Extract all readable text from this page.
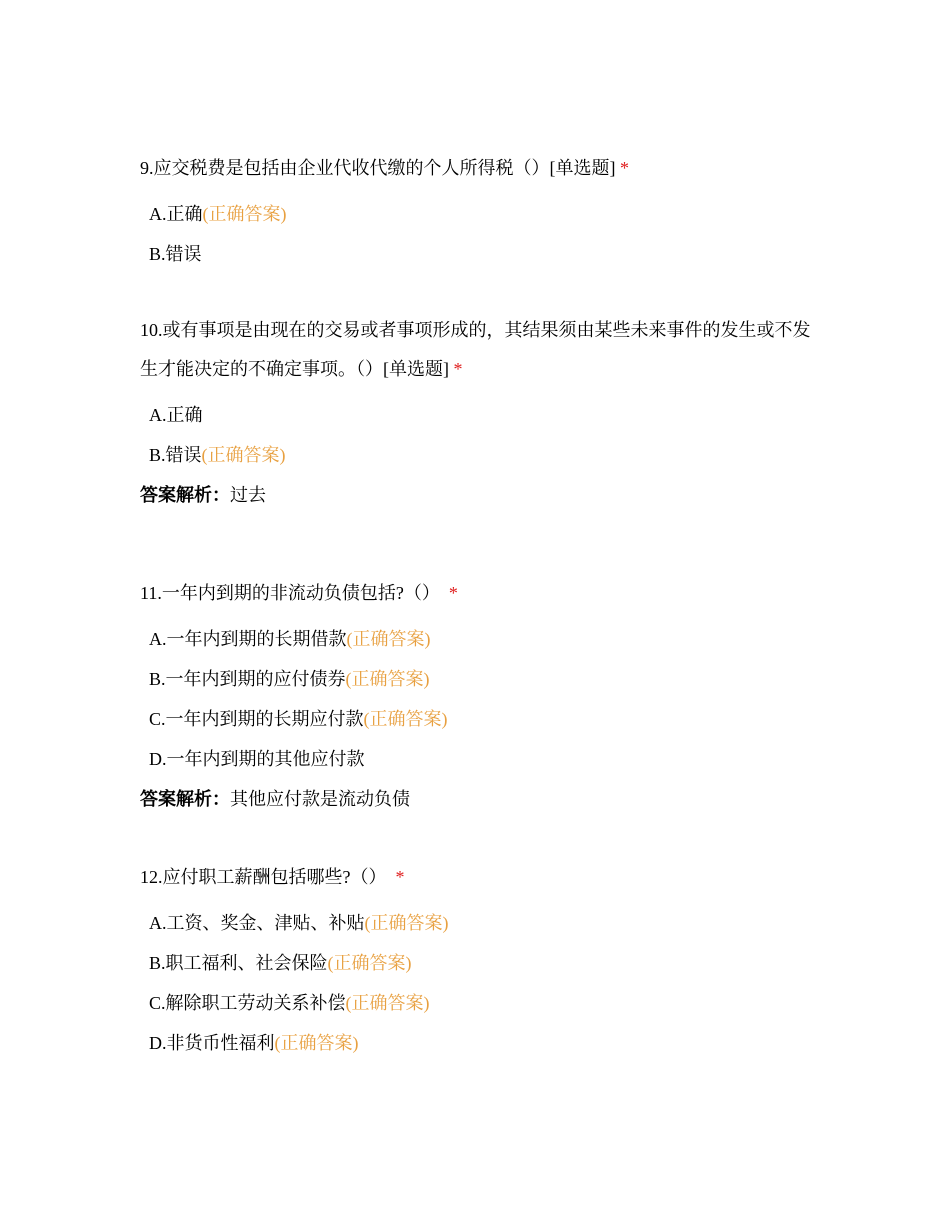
9.应交税费是包括由企业代收代缴的个人所得税（）[单选题] *

A.正确(正确答案)
B.错误

10.或有事项是由现在的交易或者事项形成的，其结果须由某些未来事件的发生或不发生才能决定的不确定事项。（）[单选题] *

A.正确
B.错误(正确答案)
答案解析：过去

11.一年内到期的非流动负债包括?（） *

A.一年内到期的长期借款(正确答案)
B.一年内到期的应付债券(正确答案)
C.一年内到期的长期应付款(正确答案)
D.一年内到期的其他应付款
答案解析：其他应付款是流动负债

12.应付职工薪酬包括哪些?（） *

A.工资、奖金、津贴、补贴(正确答案)
B.职工福利、社会保险(正确答案)
C.解除职工劳动关系补偿(正确答案)
D.非货币性福利(正确答案)
